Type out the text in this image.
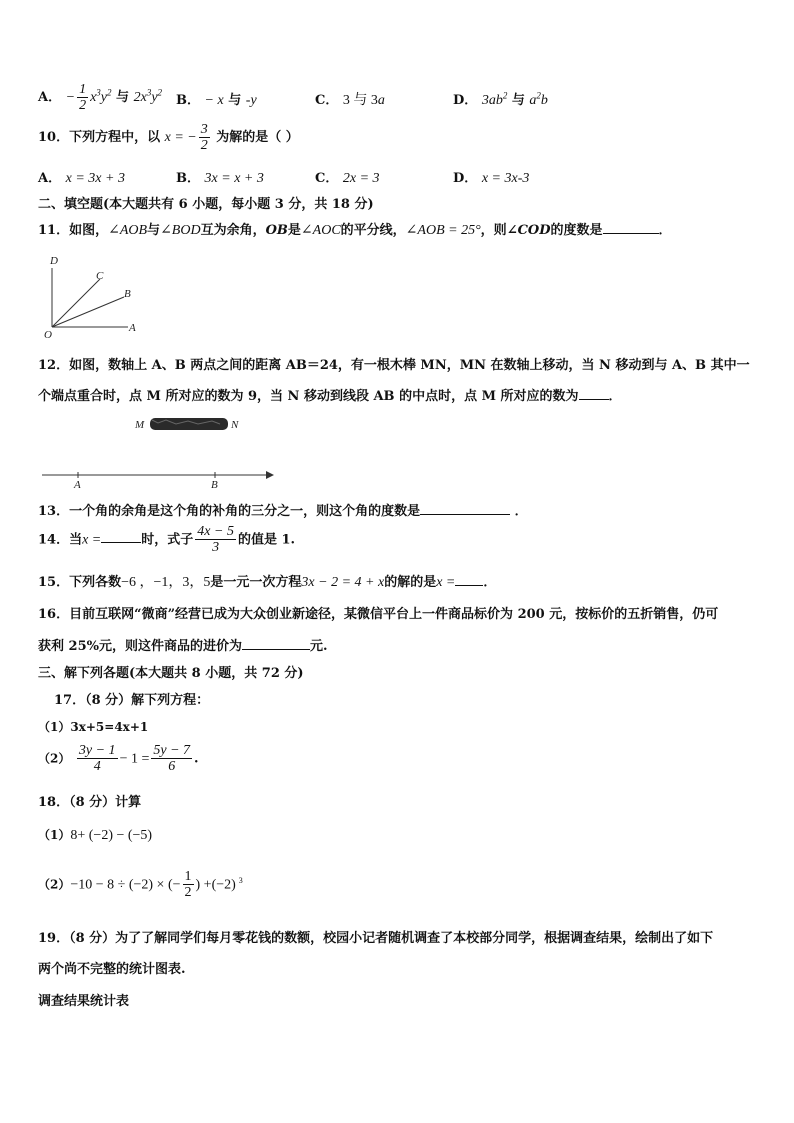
A． − $\frac{1}{2} x^3y^2$ 与 $2x^3y^2$
B． − x 与 -y	C． 3 与 3a	D． $3ab^2$ 与 $a^2b$
10．下列方程中，以 x = − $\frac{3}{2}$ 为解的是（ ）
A． x = 3x + 3	B． 3x = x + 3	C． 2x = 3	D． x = 3x-3
二、填空题(本大题共有 6 小题，每小题 3 分，共 18 分)
11．如图，∠AOB与∠BOD互为余角，OB是∠AOC的平分线，∠AOB = 25°，则∠COD的度数是	．
D
C
B
O
A
12．如图，数轴上 A、B 两点之间的距离 AB＝24，有一根木棒 MN，MN 在数轴上移动，当 N 移动到与 A、B 其中一
个端点重合时，点 M 所对应的数为 9，当 N 移动到线段 AB 的中点时，点 M 所对应的数为 ．
M	N
A	B
13．一个角的余角是这个角的补角的三分之一，则这个角的度数是	．
14．当x =	时，式子 $\frac{4x - 5}{3}$ 的值是 1.
15．下列各数−6 ，−1，3，5是一元一次方程3x − 2 = 4 + x的解的是x = ．
16．目前互联网“微商”经营已成为大众创业新途径，某微信平台上一件商品标价为 200 元，按标价的五折销售，仍可
获利 25%元，则这件商品的进价为	元.
三、解下列各题(本大题共 8 小题，共 72 分)
17．（8 分）解下列方程：
（1）3x+5=4x+1
$(2) \frac{3y - 1}{4} - 1 = \frac{5y - 7}{6}$ .
18．（8 分）计算
（1）8+ (−2) − (−5)
（2）−10 − 8 ÷ (−2) × (− $\frac{1}{2}$ ) +(−2) $^3$
19．（8 分）为了了解同学们每月零花钱的数额，校园小记者随机调查了本校部分同学，根据调查结果，绘制出了如下
两个尚不完整的统计图表.
调查结果统计表
